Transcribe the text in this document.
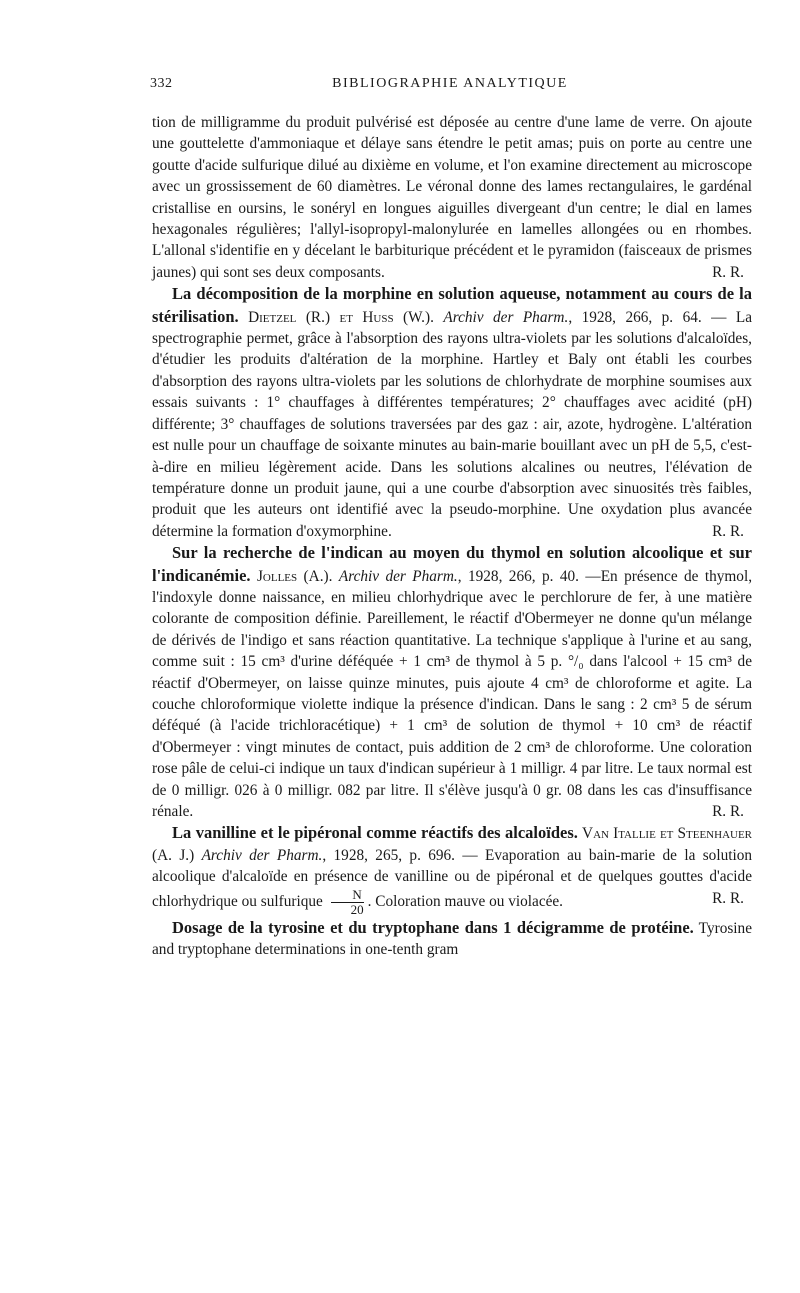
332	BIBLIOGRAPHIE ANALYTIQUE

tion de milligramme du produit pulvérisé est déposée au centre d'une lame de verre. On ajoute une gouttelette d'ammoniaque et délaye sans étendre le petit amas; puis on porte au centre une goutte d'acide sulfurique dilué au dixième en volume, et l'on examine directement au microscope avec un grossissement de 60 diamètres. Le véronal donne des lames rectangulaires, le gardénal cristallise en oursins, le sonéryl en longues aiguilles divergeant d'un centre; le dial en lames hexagonales régulières; l'allyl-isopropyl-malonylurée en lamelles allongées ou en rhombes. L'allonal s'identifie en y décelant le barbiturique précédent et le pyramidon (faisceaux de prismes jaunes) qui sont ses deux composants.	R. R.

La décomposition de la morphine en solution aqueuse, notamment au cours de la stérilisation. Dietzel (R.) et Huss (W.). Archiv der Pharm., 1928, 266, p. 64. — La spectrographie permet, grâce à l'absorption des rayons ultra-violets par les solutions d'alcaloïdes, d'étudier les produits d'altération de la morphine. Hartley et Baly ont établi les courbes d'absorption des rayons ultra-violets par les solutions de chlorhydrate de morphine soumises aux essais suivants : 1° chauffages à différentes températures; 2° chauffages avec acidité (pH) différente; 3° chauffages de solutions traversées par des gaz : air, azote, hydrogène. L'altération est nulle pour un chauffage de soixante minutes au bain-marie bouillant avec un pH de 5,5, c'est-à-dire en milieu légèrement acide. Dans les solutions alcalines ou neutres, l'élévation de température donne un produit jaune, qui a une courbe d'absorption avec sinuosités très faibles, produit que les auteurs ont identifié avec la pseudo-morphine. Une oxydation plus avancée détermine la formation d'oxymorphine.	R. R.

Sur la recherche de l'indican au moyen du thymol en solution alcoolique et sur l'indicanémie. Jolles (A.). Archiv der Pharm., 1928, 266, p. 40. —En présence de thymol, l'indoxyle donne naissance, en milieu chlorhydrique avec le perchlorure de fer, à une matière colorante de composition définie. Pareillement, le réactif d'Obermeyer ne donne qu'un mélange de dérivés de l'indigo et sans réaction quantitative. La technique s'applique à l'urine et au sang, comme suit : 15 cm³ d'urine déféquée + 1 cm³ de thymol à 5 p. °/₀ dans l'alcool + 15 cm³ de réactif d'Obermeyer, on laisse quinze minutes, puis ajoute 4 cm³ de chloroforme et agite. La couche chloroformique violette indique la présence d'indican. Dans le sang : 2 cm³ 5 de sérum déféqué (à l'acide trichloracétique) + 1 cm³ de solution de thymol + 10 cm³ de réactif d'Obermeyer : vingt minutes de contact, puis addition de 2 cm³ de chloroforme. Une coloration rose pâle de celui-ci indique un taux d'indican supérieur à 1 milligr. 4 par litre. Le taux normal est de 0 milligr. 026 à 0 milligr. 082 par litre. Il s'élève jusqu'à 0 gr. 08 dans les cas d'insuffisance rénale.	R. R.

La vanilline et le pipéronal comme réactifs des alcaloïdes. Van Itallie et Steenhauer (A. J.) Archiv der Pharm., 1928, 265, p. 696. — Evaporation au bain-marie de la solution alcoolique d'alcaloïde en présence de vanilline ou de pipéronal et de quelques gouttes d'acide chlorhydrique ou sulfurique $\frac{N}{20}$ . Coloration mauve ou violacée.	R. R.

Dosage de la tyrosine et du tryptophane dans 1 décigramme de protéine. Tyrosine and tryptophane determinations in one-tenth gram
